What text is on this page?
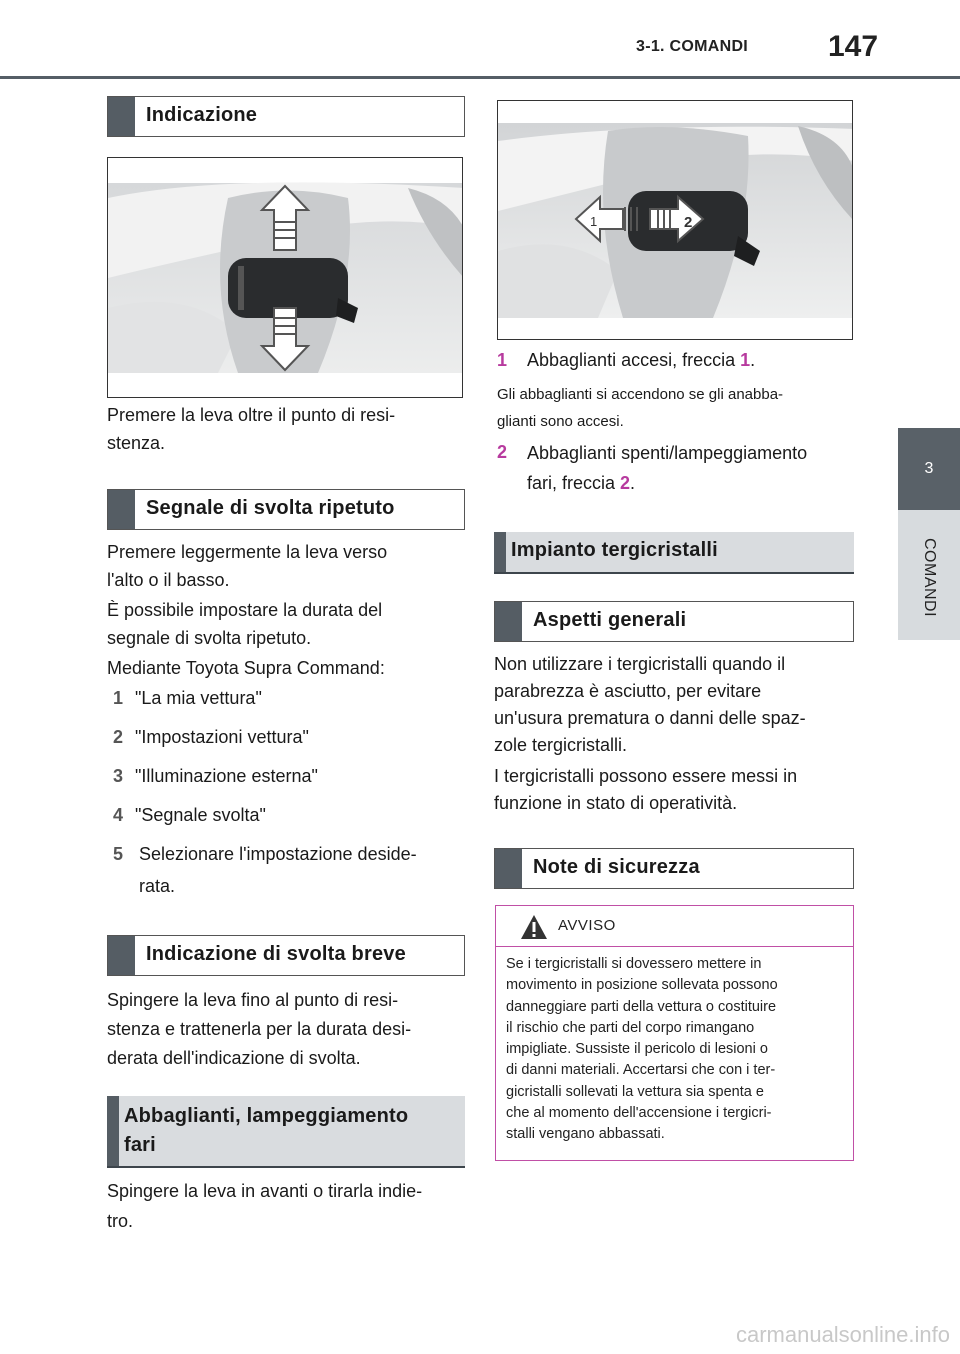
3-1. COMANDI	147
3
COMANDI
Indicazione
Premere la leva oltre il punto di resi-
stenza.
Segnale di svolta ripetuto
Premere leggermente la leva verso
l'alto o il basso.
È possibile impostare la durata del
segnale di svolta ripetuto.
Mediante Toyota Supra Command:
1 "La mia vettura"
2 "Impostazioni vettura"
3 "Illuminazione esterna"
4 "Segnale svolta"
5 Selezionare l'impostazione deside-
rata.
Indicazione di svolta breve
Spingere la leva fino al punto di resi-
stenza e trattenerla per la durata desi-
derata dell'indicazione di svolta.
Abbaglianti, lampeggiamento
fari
Spingere la leva in avanti o tirarla indie-
tro.
1	2
1 Abbaglianti accesi, freccia 1.
Gli abbaglianti si accendono se gli anabba-
glianti sono accesi.
2	Abbaglianti spenti/lampeggiamento
fari, freccia 2.
Impianto tergicristalli
Aspetti generali
Non utilizzare i tergicristalli quando il
parabrezza è asciutto, per evitare
un'usura prematura o danni delle spaz-
zole tergicristalli.
I tergicristalli possono essere messi in
funzione in stato di operatività.
Note di sicurezza
AVVISO
Se i tergicristalli si dovessero mettere in
movimento in posizione sollevata possono
danneggiare parti della vettura o costituire
il rischio che parti del corpo rimangano
impigliate. Sussiste il pericolo di lesioni o
di danni materiali. Accertarsi che con i ter-
gicristalli sollevati la vettura sia spenta e
che al momento dell'accensione i tergicri-
stalli vengano abbassati.
carmanualsonline.info
